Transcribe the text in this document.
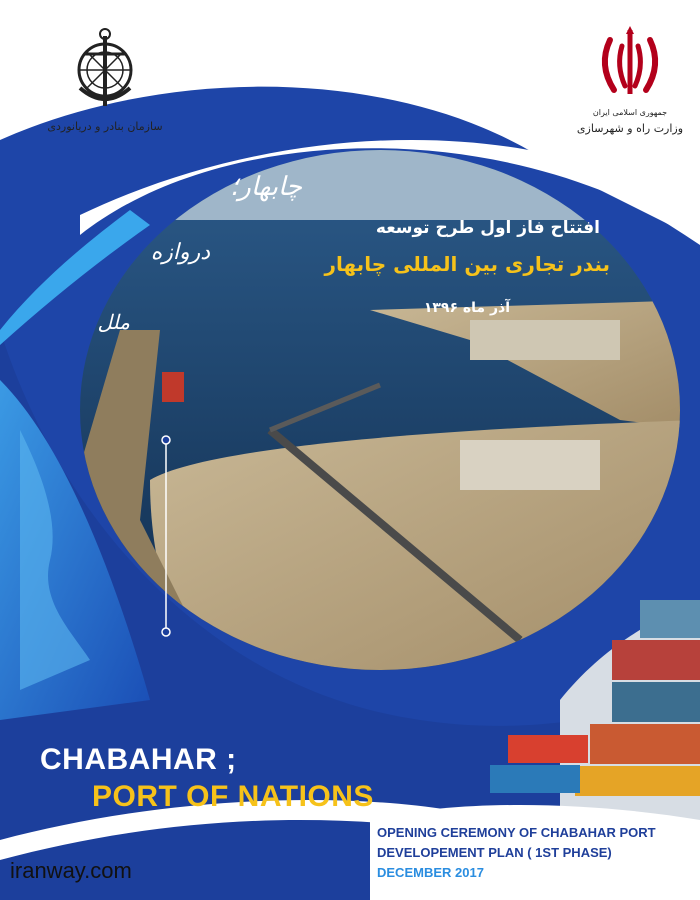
سازمان بنادر و دریانوردی
جمهوری اسلامی ایران
وزارت راه و شهرسازی
چابهار؛
دروازه
ملل
افتتاح فاز اول طرح توسعه
بندر تجاری بین المللی چابهار
آذر ماه ۱۳۹۶
CHABAHAR ;
PORT OF NATIONS
OPENING CEREMONY OF CHABAHAR PORT
DEVELOPEMENT PLAN ( 1ST PHASE)
DECEMBER 2017
iranway.com
